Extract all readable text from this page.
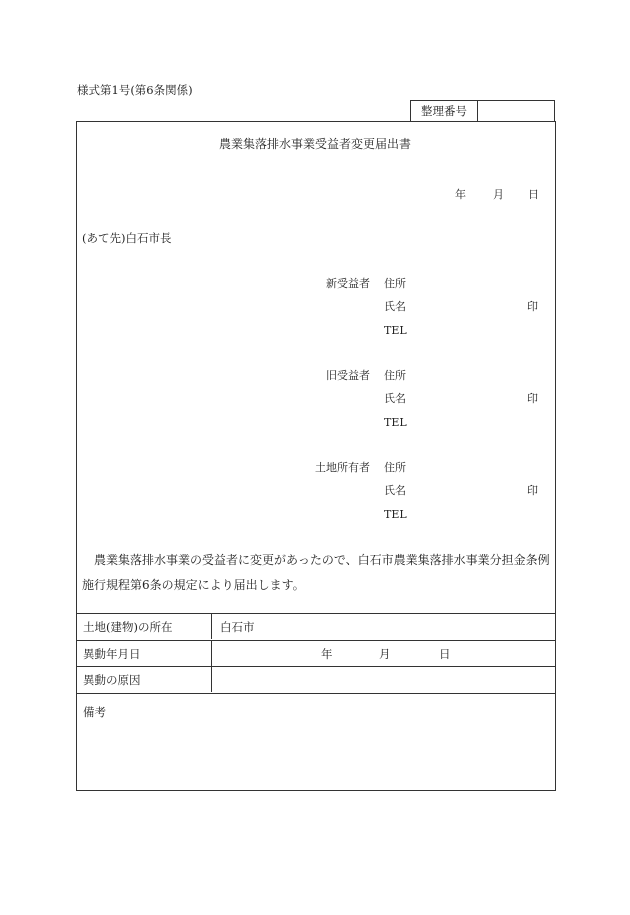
様式第1号(第6条関係)
整理番号
農業集落排水事業受益者変更届出書
年 月 日
(あて先)白石市長
新受益者 住所
氏名	印
TEL
旧受益者 住所
氏名	印
TEL
土地所有者 住所
氏名	印
TEL
農業集落排水事業の受益者に変更があったので、白石市農業集落排水事業分担金条例施行規程第6条の規定により届出します。
土地(建物)の所在	白石市
異動年月日	年	月	日
異動の原因
備考
